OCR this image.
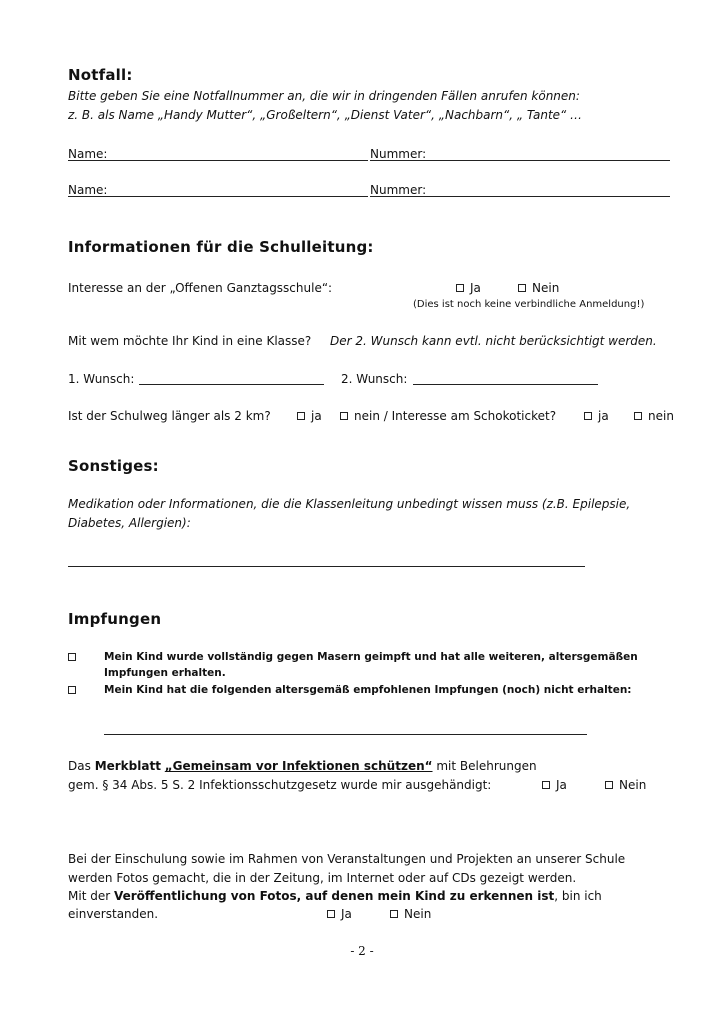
Notfall:
Bitte geben Sie eine Notfallnummer an, die wir in dringenden Fällen anrufen können:
z. B. als Name „Handy Mutter“, „Großeltern“, „Dienst Vater“, „Nachbarn“, „ Tante“ …
Name:	Nummer:
Name:	Nummer:
Informationen für die Schulleitung:
Interesse an der „Offenen Ganztagsschule“:	Ja	Nein
(Dies ist noch keine verbindliche Anmeldung!)
Mit wem möchte Ihr Kind in eine Klasse? Der 2. Wunsch kann evtl. nicht berücksichtigt werden.
1. Wunsch:	2. Wunsch:
Ist der Schulweg länger als 2 km?	ja	nein / Interesse am Schokoticket?	ja	nein
Sonstiges:
Medikation oder Informationen, die die Klassenleitung unbedingt wissen muss (z.B. Epilepsie,
Diabetes, Allergien):
Impfungen
Mein Kind wurde vollständig gegen Masern geimpft und hat alle weiteren, altersgemäßen
Impfungen erhalten.
Mein Kind hat die folgenden altersgemäß empfohlenen Impfungen (noch) nicht erhalten:
Das Merkblatt „Gemeinsam vor Infektionen schützen“ mit Belehrungen
gem. § 34 Abs. 5 S. 2 Infektionsschutzgesetz wurde mir ausgehändigt:	Ja	Nein
Bei der Einschulung sowie im Rahmen von Veranstaltungen und Projekten an unserer Schule
werden Fotos gemacht, die in der Zeitung, im Internet oder auf CDs gezeigt werden.
Mit der Veröffentlichung von Fotos, auf denen mein Kind zu erkennen ist, bin ich
einverstanden.	Ja	Nein
- 2 -
